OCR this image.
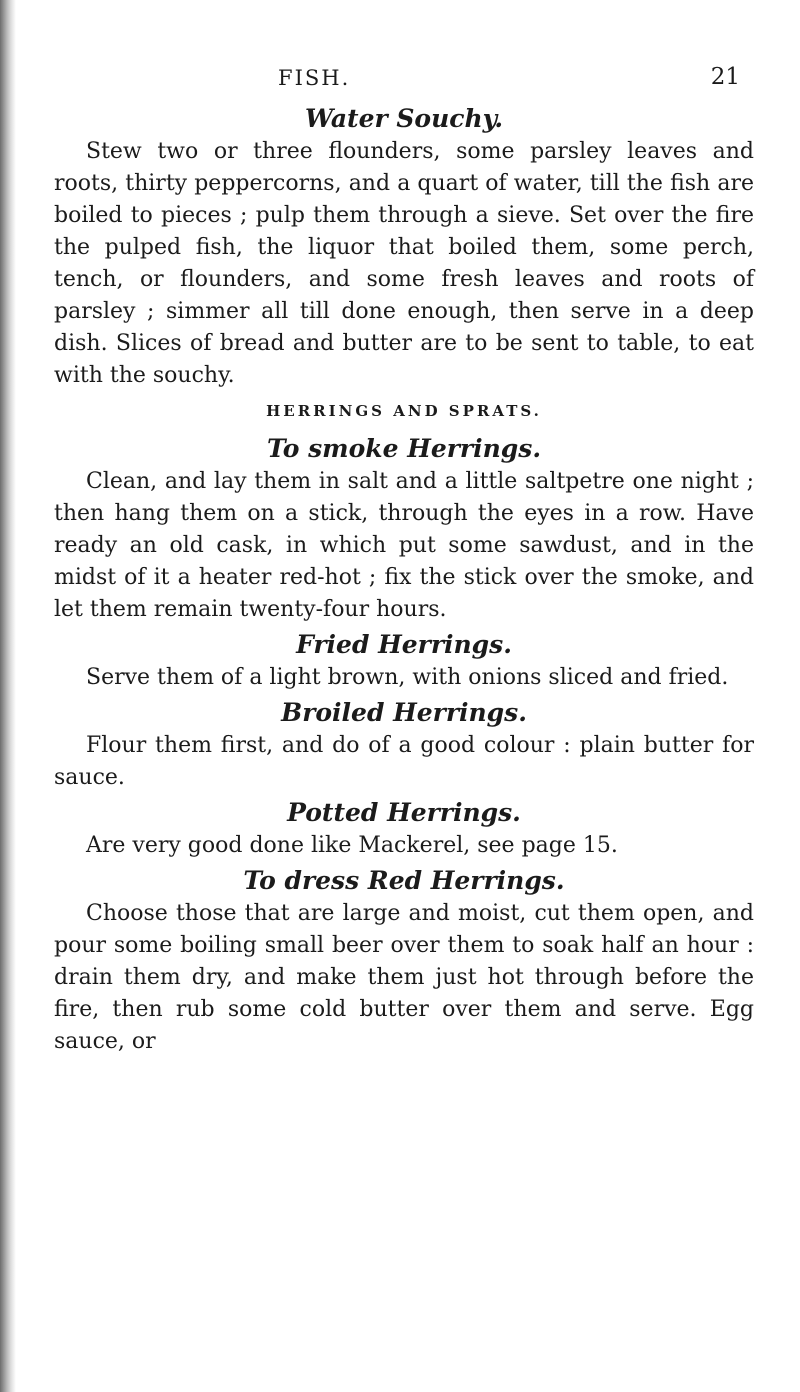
FISH.	21
Water Souchy.

Stew two or three flounders, some parsley leaves and roots, thirty peppercorns, and a quart of water, till the fish are boiled to pieces ; pulp them through a sieve. Set over the fire the pulped fish, the liquor that boiled them, some perch, tench, or flounders, and some fresh leaves and roots of parsley ; simmer all till done enough, then serve in a deep dish. Slices of bread and butter are to be sent to table, to eat with the souchy.

HERRINGS AND SPRATS.
To smoke Herrings.

Clean, and lay them in salt and a little saltpetre one night ; then hang them on a stick, through the eyes in a row. Have ready an old cask, in which put some sawdust, and in the midst of it a heater red-hot ; fix the stick over the smoke, and let them remain twenty-four hours.

Fried Herrings.

Serve them of a light brown, with onions sliced and fried.

Broiled Herrings.

Flour them first, and do of a good colour : plain butter for sauce.

Potted Herrings.

Are very good done like Mackerel, see page 15.

To dress Red Herrings.

Choose those that are large and moist, cut them open, and pour some boiling small beer over them to soak half an hour : drain them dry, and make them just hot through before the fire, then rub some cold butter over them and serve. Egg sauce, or
